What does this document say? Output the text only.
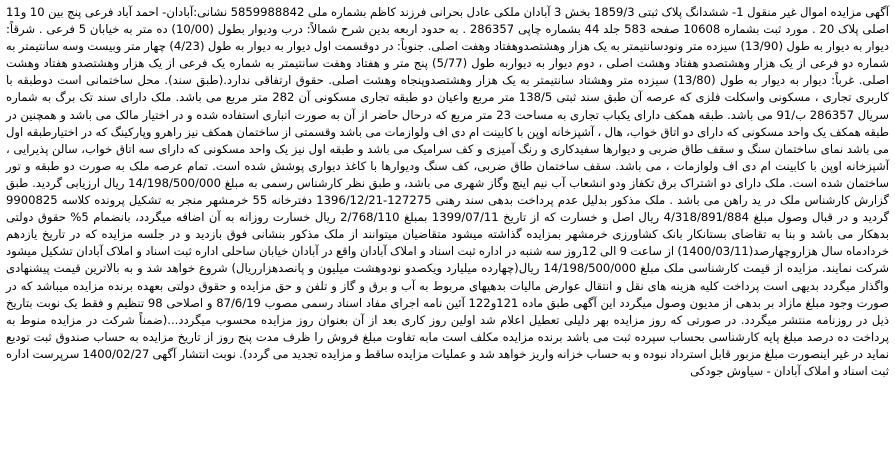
آگهی مزایده اموال غیر منقول 1- ششدانگ پلاک ثبتی 1859/3 بخش 3 آبادان ملکی عادل بحرانی فرزند کاظم بشماره ملی 5859988842 نشانی:آبادان- احمد آباد فرعی پنج بین 10 و11 اصلی پلاک 20 . مورد ثبت بشماره 10608 صفحه 583 جلد 44 بشماره چاپی 286357 . به حدود اربعه بدین شرح شمالاً: درب وديوار بطول (10/00) ده متر به خيابان 5 فرعی . شرقاً: ديوار به ديوار به طول (13/90) سیزده متر ونودسانتيمتر به يک هزار وهشتصدوهفتاد وهفت اصلی. جنوباً: در دوقسمت اول ديوار به ديوار به طول (4/23) چهار متر وبيست وسه سانتيمتر به شماره دو فرعی از يک هزار وهشتصدو هفتاد وهشت اصلی ، دوم ديوار به ديواربه طول (5/77) پنج متر و هفتاد وهفت سانتيمتر به شماره يک فرعی از يک هزار وهشتصدو هفتاد وهشت اصلی. غرباً: ديوار به ديوار به طول (13/80) سیزده متر وهشتاد سانتيمتر به يک هزار وهشتصدوپنجاه وهشت اصلی. حقوق ارتفاقی ندارد.(طبق سند). محل ساختمانی است دوطبقه با کاربری تجاری ، مسکونی واسکلت فلزی که عرصه آن طبق سند ثبتی 138/5 متر مربع واعیان دو طبقه تجاری مسکونی آن 282 متر مربع می باشد. ملک دارای سند تک برگ به شماره سریال 286357 ب/91 می باشد. طبقه همکف دارای یکباب تجاری به مساحت 23 متر مربع که درحال حاضر از آن به صورت انباری استفاده شده و در اختیار مالک می باشد و همچنین در طبقه همکف یک واحد مسکونی که دارای دو اتاق خواب، هال ، آشپزخانه اوپن با کابینت ام دی اف ولوازمات می باشد وقسمتی از ساختمان همکف نیز راهرو وپارکینگ که در اختیارطبقه اول می باشد نمای ساختمان سنگ و سقف طاق ضربی و دیوارها سفیدکاری و رنگ آمیزی و کف سرامیک می باشد و طبقه اول نیز یک واحد مسکونی که دارای سه اتاق خواب، سالن پذیرایی ، آشپزخانه اوپن با کابینت ام دی اف ولوازمات ، می باشد. سقف ساختمان طاق ضربی، کف سنگ ودیوارها با کاغذ دیواری پوشش شده است. تمام عرصه ملک به صورت دو طبقه و تور ساختمان شده است. ملک دارای دو اشتراک برق تکفاز ودو انشعاب آب نیم اینچ وگاز شهری می باشد، و طبق نظر کارشناس رسمی به مبلغ 14/198/500/000 ریال ارزیابی گردید. طبق گزارش کارشناس ملک در ید راهن می باشد . ملک مذکور بدلیل عدم پرداخت بدهی سند رهنی 127275-1396/12/21 دفترخانه 55 خرمشهر منجر به تشکیل پرونده کلاسه 9900825 گردید و در قبال وصول مبلغ 4/318/891/884 ریال اصل و خسارت که از تاریخ 1399/07/11 بمبلغ 2/768/110 ریال خسارت روزانه به آن اضافه میگردد، بانضمام 5% حقوق دولتی بدهکار می باشد و بنا به تقاضای بستانکار بانک کشاورزی خرمشهر بمزایده گذاشته میشود متقاضیان میتوانند از ملک مذکور بنشانی فوق بازدید و در جلسه مزایده که در تاریخ یازدهم خردادماه سال هزاروچهارصد(1400/03/11) از ساعت 9 الی 12روز سه شنبه در اداره ثبت اسناد و املاک آبادان واقع در آبادان خیابان ساحلی اداره ثبت اسناد و املاک آبادان تشکیل میشود شرکت نمایند. مزایده از قیمت کارشناسی ملک مبلغ 14/198/500/000 ریال(چهارده میلیارد ویکصدو نودوهشت میلیون و پانصدهزارریال) شروع خواهد شد و به بالاترین قیمت پیشنهادی واگذار میگردد بدیهی است پرداخت کلیه هزینه های نقل و انتقال عوارض مالیات بدهیهای مربوط به آب و برق و گاز و تلفن و حق مزایده و حقوق دولتی بعهده برنده مزایده میباشد که در صورت وجود مبلغ مازاد بر بدهی از مدیون وصول میگردد این آگهی طبق ماده 121و122 آئین نامه اجرای مفاد اسناد رسمی مصوب 87/6/19 و اصلاحی 98 تنظیم و فقط یک نوبت بتاریخ ذیل در روزنامه منتشر میگردد. در صورتی که روز مزایده بهر دلیلی تعطیل اعلام شد اولین روز کاری بعد از آن بعنوان روز مزایده محسوب میگردد...(ضمناً شرکت در مزایده منوط به پرداخت ده درصد مبلغ پایه کارشناسی بحساب سپرده ثبت می باشد برنده مزایده مکلف است مابه تفاوت مبلغ فروش را ظرف مدت پنج روز از تاریخ مزایده به حساب صندوق ثبت تودیع نماید در غیر اینصورت مبلغ مزبور قابل استرداد نبوده و به حساب خزانه واریز خواهد شد و عملیات مزایده ساقط و مزایده تجدید می گردد). نوبت انتشار آگهی 1400/02/27 سرپرست اداره ثبت اسناد و املاک آبادان - سیاوش جودکی
